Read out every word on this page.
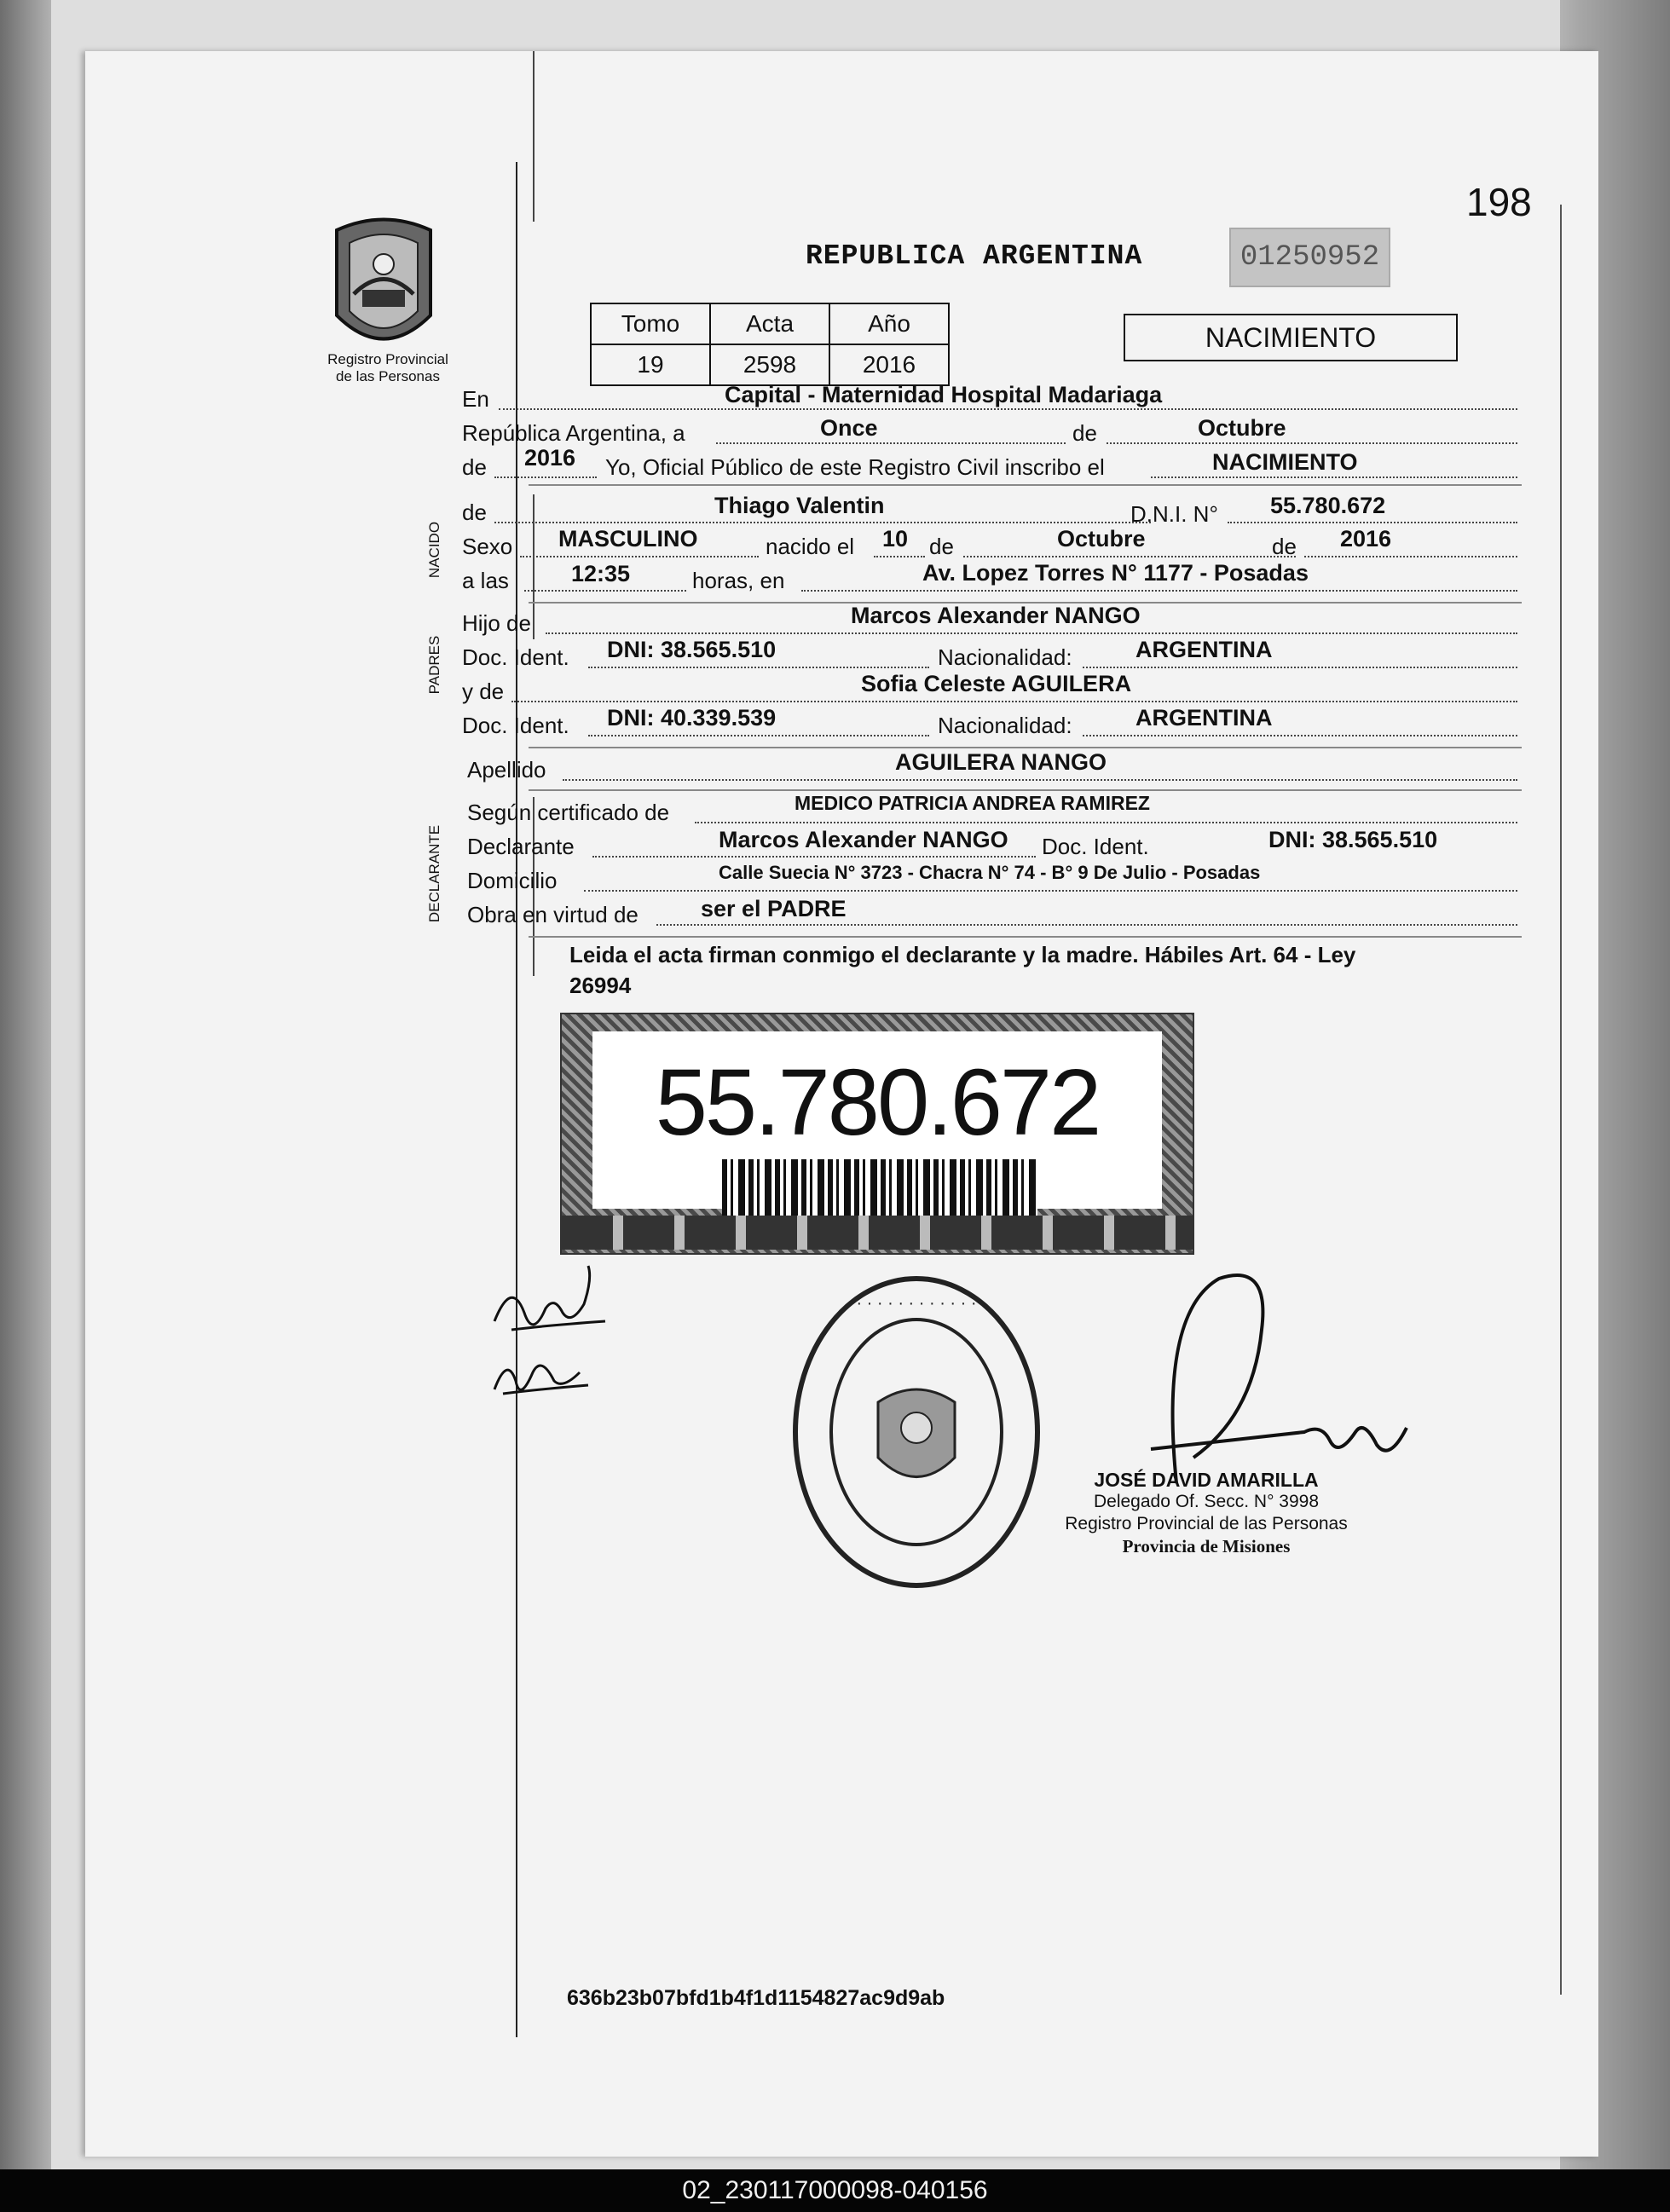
198
Registro Provincial
de las Personas
REPUBLICA ARGENTINA	01250952
Tomo	Acta	Año
19	2598	2016
NACIMIENTO
En	Capital - Maternidad Hospital Madariaga
República Argentina, a	Once	de	Octubre
de 2016 Yo, Oficial Público de este Registro Civil inscribo el	NACIMIENTO
NACIDO
de	Thiago Valentin	D.N.I. N° 55.780.672
Sexo MASCULINO	nacido el 10 de	Octubre	de 2016
a las	12:35	horas, en	Av. Lopez Torres N° 1177 - Posadas
PADRES
Hijo de	Marcos Alexander NANGO
Doc. Ident. DNI: 38.565.510	Nacionalidad:	ARGENTINA
y de	Sofia Celeste AGUILERA
Doc. Ident. DNI: 40.339.539	Nacionalidad:	ARGENTINA
Apellido	AGUILERA NANGO
DECLARANTE
Según certificado de	MEDICO PATRICIA ANDREA RAMIREZ
Declarante	Marcos Alexander NANGO Doc. Ident.	DNI: 38.565.510
Domicilio	Calle Suecia N° 3723 - Chacra N° 74 - B° 9 De Julio - Posadas
Obra en virtud de	ser el PADRE
Leida el acta firman conmigo el declarante y la madre. Hábiles Art. 64 - Ley
26994
55.780.672
· · · · · · · · · · · ·
JOSÉ DAVID AMARILLA
Delegado Of. Secc. N° 3998
Registro Provincial de las Personas
Provincia de Misiones
636b23b07bfd1b4f1d1154827ac9d9ab
02_230117000098-040156
